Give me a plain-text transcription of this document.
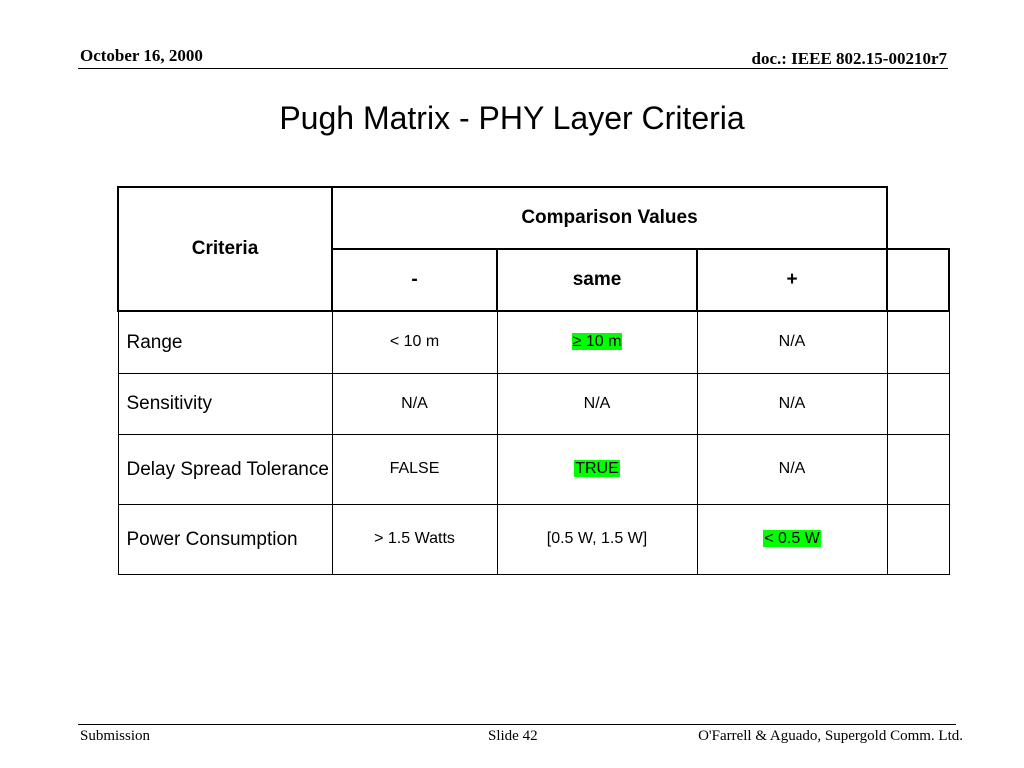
October 16, 2000	doc.: IEEE 802.15-00210r7
Pugh Matrix - PHY Layer Criteria
Criteria	Comparison Values			
	-	same	+	
Range	< 10 m	≥ 10 m	N/A	
Sensitivity	N/A	N/A	N/A	
Delay Spread Tolerance	FALSE	TRUE	N/A	
Power Consumption	> 1.5 Watts	[0.5 W, 1.5 W]	< 0.5 W	
Submission	Slide 42	O'Farrell & Aguado, Supergold Comm. Ltd.
